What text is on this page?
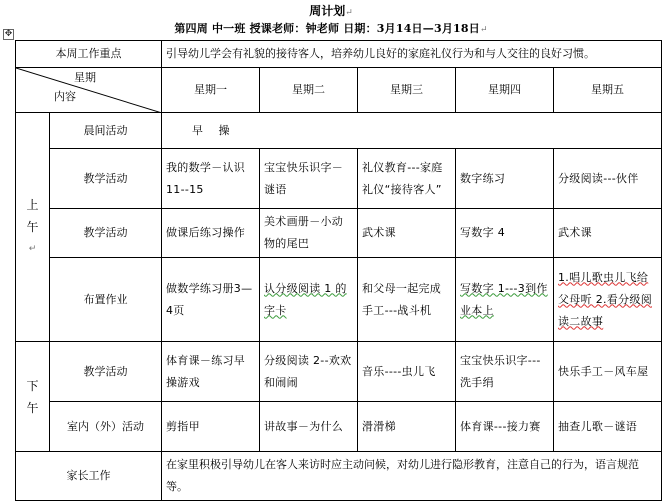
周计划↵
第四周 中一班 授课老师：钟老师 日期：3月14日—3月18日↵
✥
本周工作重点		引导幼儿学会有礼貌的接待客人，培养幼儿良好的家庭礼仪行为和与人交往的良好习惯。				

星期
内容		星期一	星期二	星期三	星期四	星期五

上
午
↵	晨间活动	早 操				
	教学活动	我的数学－认识 11--15	宝宝快乐识字－谜语	礼仪教育---家庭礼仪“接待客人”	数字练习	分级阅读---伙伴
	教学活动	做课后练习操作	美术画册－小动物的尾巴	武术课	写数字 4	武术课
	布置作业	做数学练习册3—4页	认分级阅读 1 的字卡	和父母一起完成手工---战斗机	写数字 1---3到作业本上	1.唱儿歌虫儿飞给父母听 2.看分级阅读二故事

下
午	教学活动	体育课－练习早操游戏	分级阅读 2--欢欢和闹闹	音乐----虫儿飞	宝宝快乐识字---洗手绢	快乐手工－风车屋
	室内（外）活动	剪指甲	讲故事－为什么	滑滑梯	体育课---接力赛	抽查儿歌－谜语
家长工作		在家里积极引导幼儿在客人来访时应主动问候，对幼儿进行隐形教育，注意自己的行为，语言规范等。				
